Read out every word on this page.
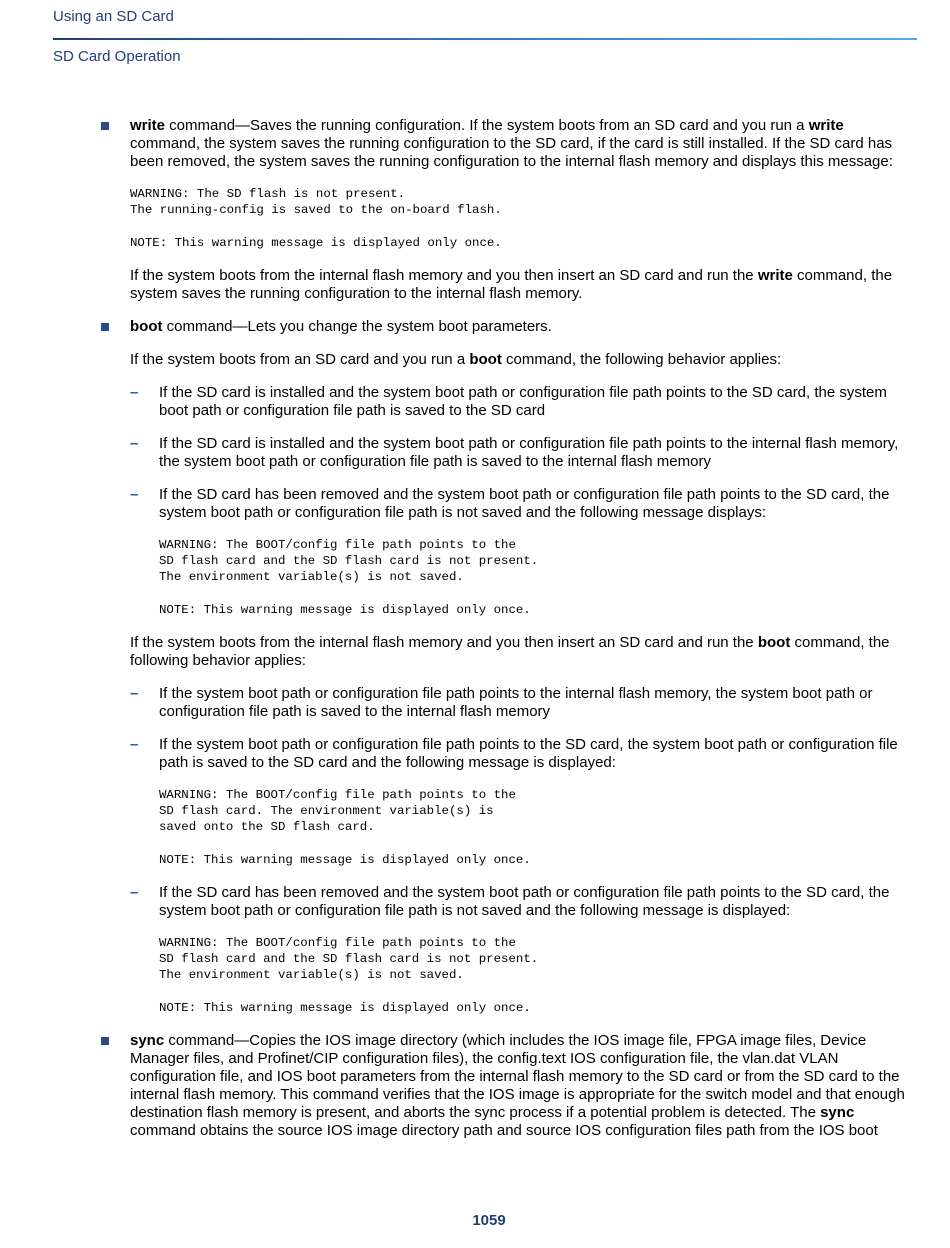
Using an SD Card
SD Card Operation
write command—Saves the running configuration. If the system boots from an SD card and you run a write command, the system saves the running configuration to the SD card, if the card is still installed. If the SD card has been removed, the system saves the running configuration to the internal flash memory and displays this message:
WARNING: The SD flash is not present.
The running-config is saved to the on-board flash.
NOTE: This warning message is displayed only once.
If the system boots from the internal flash memory and you then insert an SD card and run the write command, the system saves the running configuration to the internal flash memory.
boot command—Lets you change the system boot parameters.
If the system boots from an SD card and you run a boot command, the following behavior applies:
– If the SD card is installed and the system boot path or configuration file path points to the SD card, the system boot path or configuration file path is saved to the SD card
– If the SD card is installed and the system boot path or configuration file path points to the internal flash memory, the system boot path or configuration file path is saved to the internal flash memory
– If the SD card has been removed and the system boot path or configuration file path points to the SD card, the system boot path or configuration file path is not saved and the following message displays:
WARNING: The BOOT/config file path points to the
SD flash card and the SD flash card is not present.
The environment variable(s) is not saved.
NOTE: This warning message is displayed only once.
If the system boots from the internal flash memory and you then insert an SD card and run the boot command, the following behavior applies:
– If the system boot path or configuration file path points to the internal flash memory, the system boot path or configuration file path is saved to the internal flash memory
– If the system boot path or configuration file path points to the SD card, the system boot path or configuration file path is saved to the SD card and the following message is displayed:
WARNING: The BOOT/config file path points to the
SD flash card. The environment variable(s) is
saved onto the SD flash card.
NOTE: This warning message is displayed only once.
– If the SD card has been removed and the system boot path or configuration file path points to the SD card, the system boot path or configuration file path is not saved and the following message is displayed:
WARNING: The BOOT/config file path points to the
SD flash card and the SD flash card is not present.
The environment variable(s) is not saved.
NOTE: This warning message is displayed only once.
sync command—Copies the IOS image directory (which includes the IOS image file, FPGA image files, Device Manager files, and Profinet/CIP configuration files), the config.text IOS configuration file, the vlan.dat VLAN configuration file, and IOS boot parameters from the internal flash memory to the SD card or from the SD card to the internal flash memory. This command verifies that the IOS image is appropriate for the switch model and that enough destination flash memory is present, and aborts the sync process if a potential problem is detected. The sync command obtains the source IOS image directory path and source IOS configuration files path from the IOS boot
1059
